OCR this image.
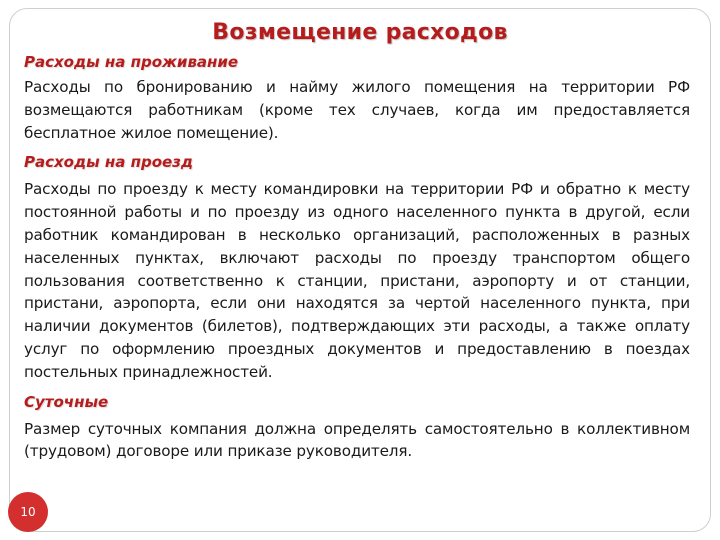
Возмещение расходов
Расходы на проживание

Расходы по бронированию и найму жилого помещения на территории РФ возмещаются работникам (кроме тех случаев, когда им предоставляется бесплатное жилое помещение).

Расходы на проезд

Расходы по проезду к месту командировки на территории РФ и обратно к месту постоянной работы и по проезду из одного населенного пункта в другой, если работник командирован в несколько организаций, расположенных в разных населенных пунктах, включают расходы по проезду транспортом общего пользования соответственно к станции, пристани, аэропорту и от станции, пристани, аэропорта, если они находятся за чертой населенного пункта, при наличии документов (билетов), подтверждающих эти расходы, а также оплату услуг по оформлению проездных документов и предоставлению в поездах постельных принадлежностей.

Суточные

Размер суточных компания должна определять самостоятельно в коллективном (трудовом) договоре или приказе руководителя.

10
